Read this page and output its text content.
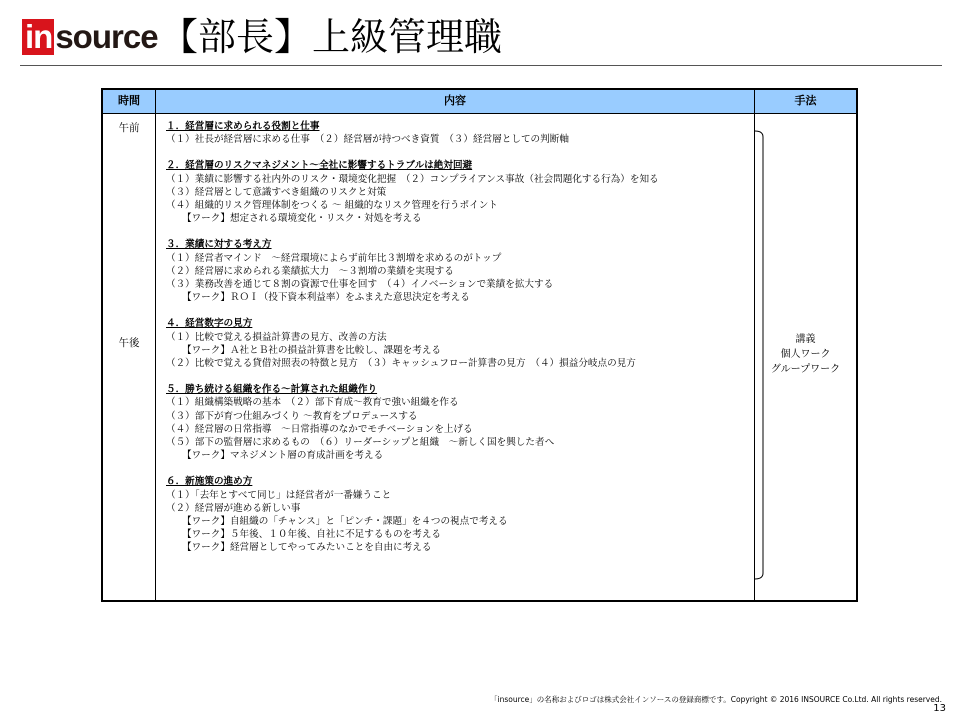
in source 【部長】上級管理職
時間	内容	手法
午前
午後
１．経営層に求められる役割と仕事
（１）社長が経営層に求める仕事　（２）経営層が持つべき資質　（３）経営層としての判断軸
２．経営層のリスクマネジメント～全社に影響するトラブルは絶対回避
（１）業績に影響する社内外のリスク・環境変化把握　（２）コンプライアンス事故（社会問題化する行為）を知る
（３）経営層として意識すべき組織のリスクと対策
（４）組織的リスク管理体制をつくる ～ 組織的なリスク管理を行うポイント
【ワーク】想定される環境変化・リスク・対処を考える
３．業績に対する考え方
（１）経営者マインド　～経営環境によらず前年比３割増を求めるのがトップ
（２）経営層に求められる業績拡大力　～３割増の業績を実現する
（３）業務改善を通じて８割の資源で仕事を回す　（４）イノベーションで業績を拡大する
【ワーク】ＲＯＩ（投下資本利益率）をふまえた意思決定を考える
４．経営数字の見方
（１）比較で覚える損益計算書の見方、改善の方法
【ワーク】Ａ社とＢ社の損益計算書を比較し、課題を考える
（２）比較で覚える貸借対照表の特徴と見方　（３）キャッシュフロー計算書の見方　（４）損益分岐点の見方
５．勝ち続ける組織を作る～計算された組織作り
（１）組織構築戦略の基本　（２）部下育成～教育で強い組織を作る
（３）部下が育つ仕組みづくり ～教育をプロデュースする
（４）経営層の日常指導　～日常指導のなかでモチベーションを上げる
（５）部下の監督層に求めるもの　（６）リーダーシップと組織　～新しく国を興した者へ
【ワーク】マネジメント層の育成計画を考える
６．新施策の進め方
（１）「去年とすべて同じ」は経営者が一番嫌うこと
（２）経営層が進める新しい事
【ワーク】自組織の「チャンス」と「ピンチ・課題」を４つの視点で考える
【ワーク】５年後、１０年後、自社に不足するものを考える
【ワーク】経営層としてやってみたいことを自由に考える
講義
個人ワーク
グループワーク
「insource」の名称およびロゴは株式会社インソースの登録商標です。Copyright © 2016 INSOURCE Co.Ltd. All rights reserved.
13
